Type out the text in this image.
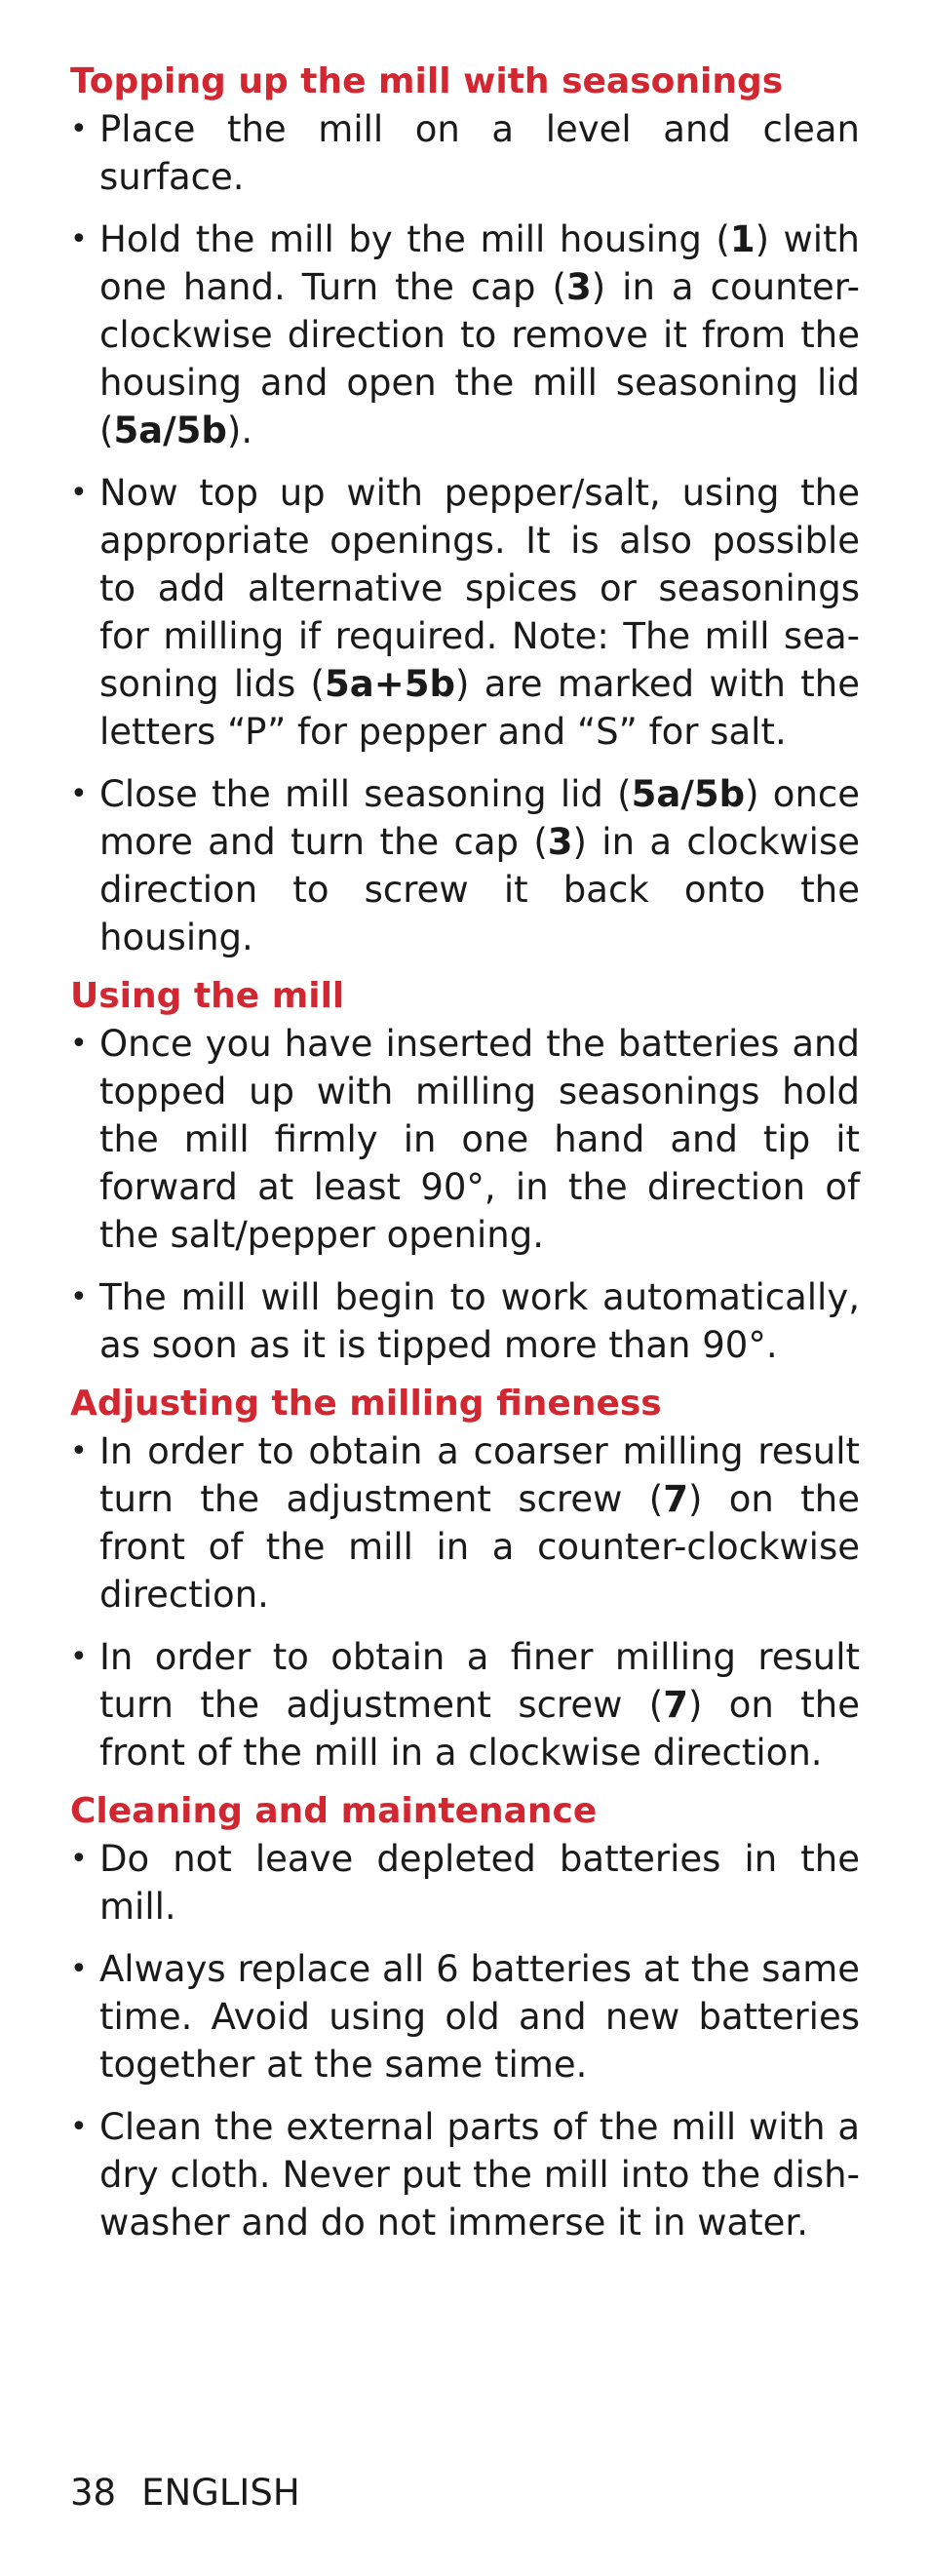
Topping up the mill with seasonings
• Place the mill on a level and clean surface.
• Hold the mill by the mill housing (1) with one hand. Turn the cap (3) in a counter-clockwise direction to remove it from the housing and open the mill seasoning lid (5a/5b).
• Now top up with pepper/salt, using the appropriate openings. It is also possible to add alternative spices or seasonings for milling if required. Note: The mill seasoning lids (5a+5b) are marked with the letters “P” for pepper and “S” for salt.
• Close the mill seasoning lid (5a/5b) once more and turn the cap (3) in a clockwise direction to screw it back onto the housing.
Using the mill
• Once you have inserted the batteries and topped up with milling seasonings hold the mill firmly in one hand and tip it forward at least 90°, in the direction of the salt/pepper opening.
• The mill will begin to work automatically, as soon as it is tipped more than 90°.
Adjusting the milling fineness
• In order to obtain a coarser milling result turn the adjustment screw (7) on the front of the mill in a counter-clockwise direction.
• In order to obtain a finer milling result turn the adjustment screw (7) on the front of the mill in a clockwise direction.
Cleaning and maintenance
• Do not leave depleted batteries in the mill.
• Always replace all 6 batteries at the same time. Avoid using old and new batteries together at the same time.
• Clean the external parts of the mill with a dry cloth. Never put the mill into the dishwasher and do not immerse it in water.
38 ENGLISH
